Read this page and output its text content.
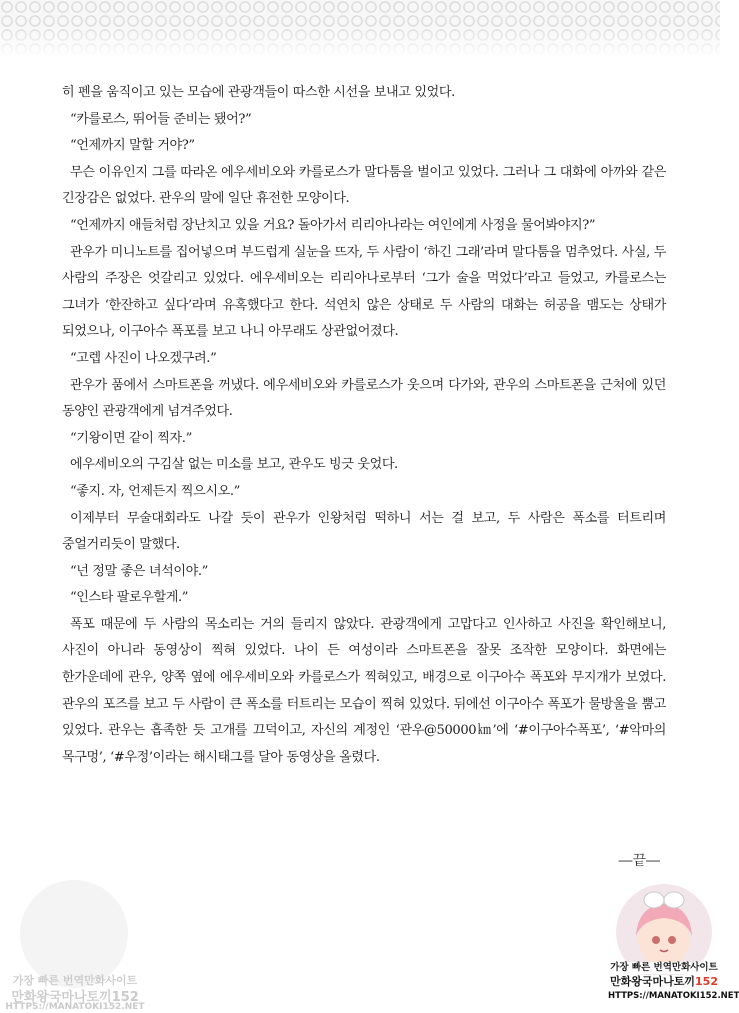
히 펜을 움직이고 있는 모습에 관광객들이 따스한 시선을 보내고 있었다.

“카를로스, 뛰어들 준비는 됐어?”

“언제까지 말할 거야?”

무슨 이유인지 그를 따라온 에우세비오와 카를로스가 말다툼을 벌이고 있었다. 그러나 그 대화에 아까와 같은 긴장감은 없었다. 관우의 말에 일단 휴전한 모양이다.

“언제까지 애들처럼 장난치고 있을 거요? 돌아가서 리리아나라는 여인에게 사정을 물어봐야지?”

관우가 미니노트를 집어넣으며 부드럽게 실눈을 뜨자, 두 사람이 ‘하긴 그래’라며 말다툼을 멈추었다. 사실, 두 사람의 주장은 엇갈리고 있었다. 에우세비오는 리리아나로부터 ‘그가 술을 먹었다’라고 들었고, 카를로스는 그녀가 ‘한잔하고 싶다’라며 유혹했다고 한다. 석연치 않은 상태로 두 사람의 대화는 허공을 맴도는 상태가 되었으나, 이구아수 폭포를 보고 나니 아무래도 상관없어졌다.

“고렙 사진이 나오겠구려.”

관우가 품에서 스마트폰을 꺼냈다. 에우세비오와 카를로스가 웃으며 다가와, 관우의 스마트폰을 근처에 있던 동양인 관광객에게 넘겨주었다.

“기왕이면 같이 찍자.”

에우세비오의 구김살 없는 미소를 보고, 관우도 빙긋 웃었다.

“좋지. 자, 언제든지 찍으시오.”

이제부터 무술대회라도 나갈 듯이 관우가 인왕처럼 떡하니 서는 걸 보고, 두 사람은 폭소를 터트리며 중얼거리듯이 말했다.

“넌 정말 좋은 녀석이야.”

“인스타 팔로우할게.”

폭포 때문에 두 사람의 목소리는 거의 들리지 않았다. 관광객에게 고맙다고 인사하고 사진을 확인해보니, 사진이 아니라 동영상이 찍혀 있었다. 나이 든 여성이라 스마트폰을 잘못 조작한 모양이다. 화면에는 한가운데에 관우, 양쪽 옆에 에우세비오와 카를로스가 찍혀있고, 배경으로 이구아수 폭포와 무지개가 보였다. 관우의 포즈를 보고 두 사람이 큰 폭소를 터트리는 모습이 찍혀 있었다. 뒤에선 이구아수 폭포가 물방울을 뿜고 있었다. 관우는 흡족한 듯 고개를 끄덕이고, 자신의 계정인 ‘관우@50000㎞’에 ‘#이구아수폭포’, ‘#악마의 목구멍’, ‘#우정’이라는 해시태그를 달아 동영상을 올렸다.

―끝―
가장 빠른 번역만화사이트
만화왕국마나토끼152
HTTPS://MANATOKI152.NET
가장 빠른 번역만화사이트
만화왕국마나토끼152
HTTPS://MANATOKI152.NET
